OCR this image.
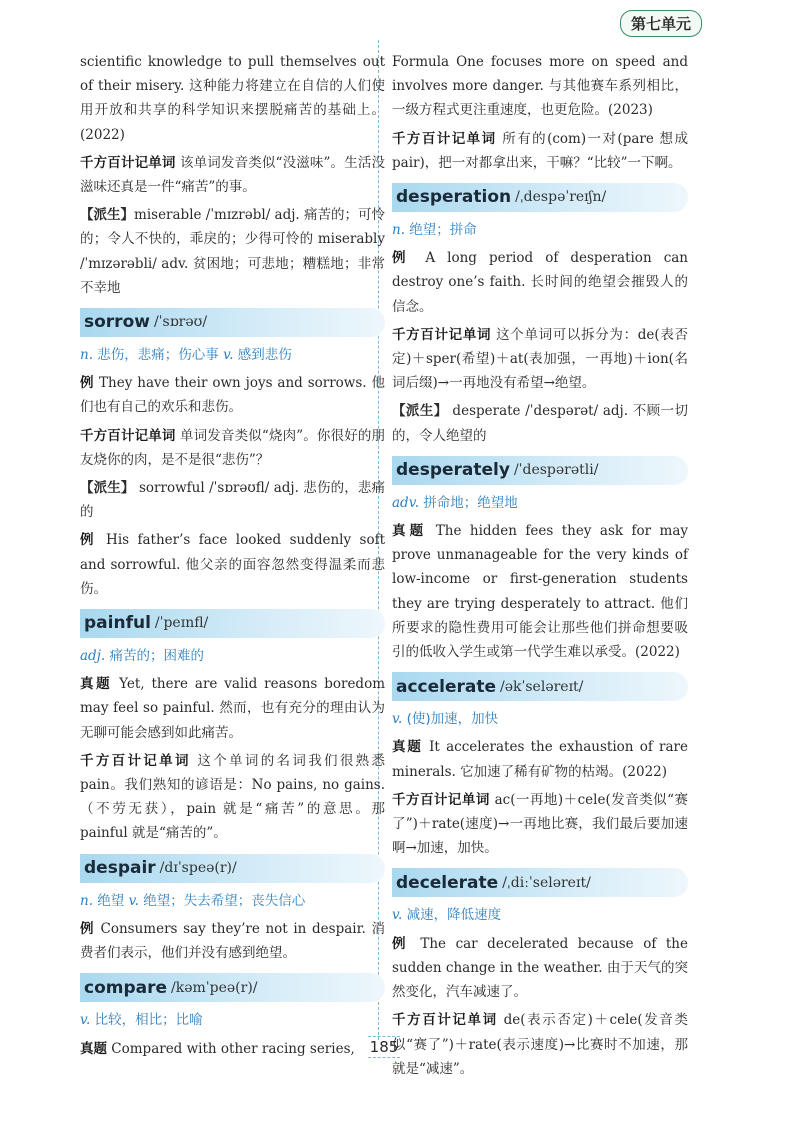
第七单元

scientific knowledge to pull themselves out of their misery. 这种能力将建立在自信的人们使用开放和共享的科学知识来摆脱痛苦的基础上。(2022)

千方百计记单词 该单词发音类似“没滋味”。生活没滋味还真是一件“痛苦”的事。

【派生】miserable /ˈmɪzrəbl/ adj. 痛苦的；可怜的；令人不快的，乖戾的；少得可怜的 miserably /ˈmɪzərəbli/ adv. 贫困地；可悲地；糟糕地；非常不幸地

sorrow /ˈsɒrəʊ/

n. 悲伤，悲痛；伤心事 v. 感到悲伤

例 They have their own joys and sorrows. 他们也有自己的欢乐和悲伤。

千方百计记单词 单词发音类似“烧肉”。你很好的朋友烧你的肉，是不是很“悲伤”？

【派生】 sorrowful /ˈsɒrəʊfl/ adj. 悲伤的，悲痛的

例 His father’s face looked suddenly soft and sorrowful. 他父亲的面容忽然变得温柔而悲伤。

painful /ˈpeɪnfl/

adj. 痛苦的；困难的

真题 Yet, there are valid reasons boredom may feel so painful. 然而，也有充分的理由认为无聊可能会感到如此痛苦。

千方百计记单词 这个单词的名词我们很熟悉 pain。我们熟知的谚语是：No pains, no gains.（不劳无获），pain 就是“痛苦”的意思。那 painful 就是“痛苦的”。

despair /dɪˈspeə(r)/

n. 绝望 v. 绝望；失去希望；丧失信心

例 Consumers say they’re not in despair. 消费者们表示，他们并没有感到绝望。

compare /kəmˈpeə(r)/

v. 比较，相比；比喻

真题 Compared with other racing series,

Formula One focuses more on speed and involves more danger. 与其他赛车系列相比，一级方程式更注重速度，也更危险。(2023)

千方百计记单词 所有的(com)一对(pare 想成 pair)，把一对都拿出来，干嘛？“比较”一下啊。

desperation /ˌdespəˈreɪʃn/

n. 绝望；拼命

例 A long period of desperation can destroy one’s faith. 长时间的绝望会摧毁人的信念。

千方百计记单词 这个单词可以拆分为：de(表否定)＋sper(希望)＋at(表加强，一再地)＋ion(名词后缀)→一再地没有希望→绝望。

【派生】 desperate /ˈdespərət/ adj. 不顾一切的，令人绝望的

desperately /ˈdespərətli/

adv. 拼命地；绝望地

真题 The hidden fees they ask for may prove unmanageable for the very kinds of low-income or first-generation students they are trying desperately to attract. 他们所要求的隐性费用可能会让那些他们拼命想要吸引的低收入学生或第一代学生难以承受。(2022)

accelerate /əkˈseləreɪt/

v. (使)加速，加快

真题 It accelerates the exhaustion of rare minerals. 它加速了稀有矿物的枯竭。(2022)

千方百计记单词 ac(一再地)＋cele(发音类似“赛了”)＋rate(速度)→一再地比赛，我们最后要加速啊→加速，加快。

decelerate /ˌdiːˈseləreɪt/

v. 减速，降低速度

例 The car decelerated because of the sudden change in the weather. 由于天气的突然变化，汽车减速了。

千方百计记单词 de(表示否定)＋cele(发音类似“赛了”)＋rate(表示速度)→比赛时不加速，那就是“减速”。

185
